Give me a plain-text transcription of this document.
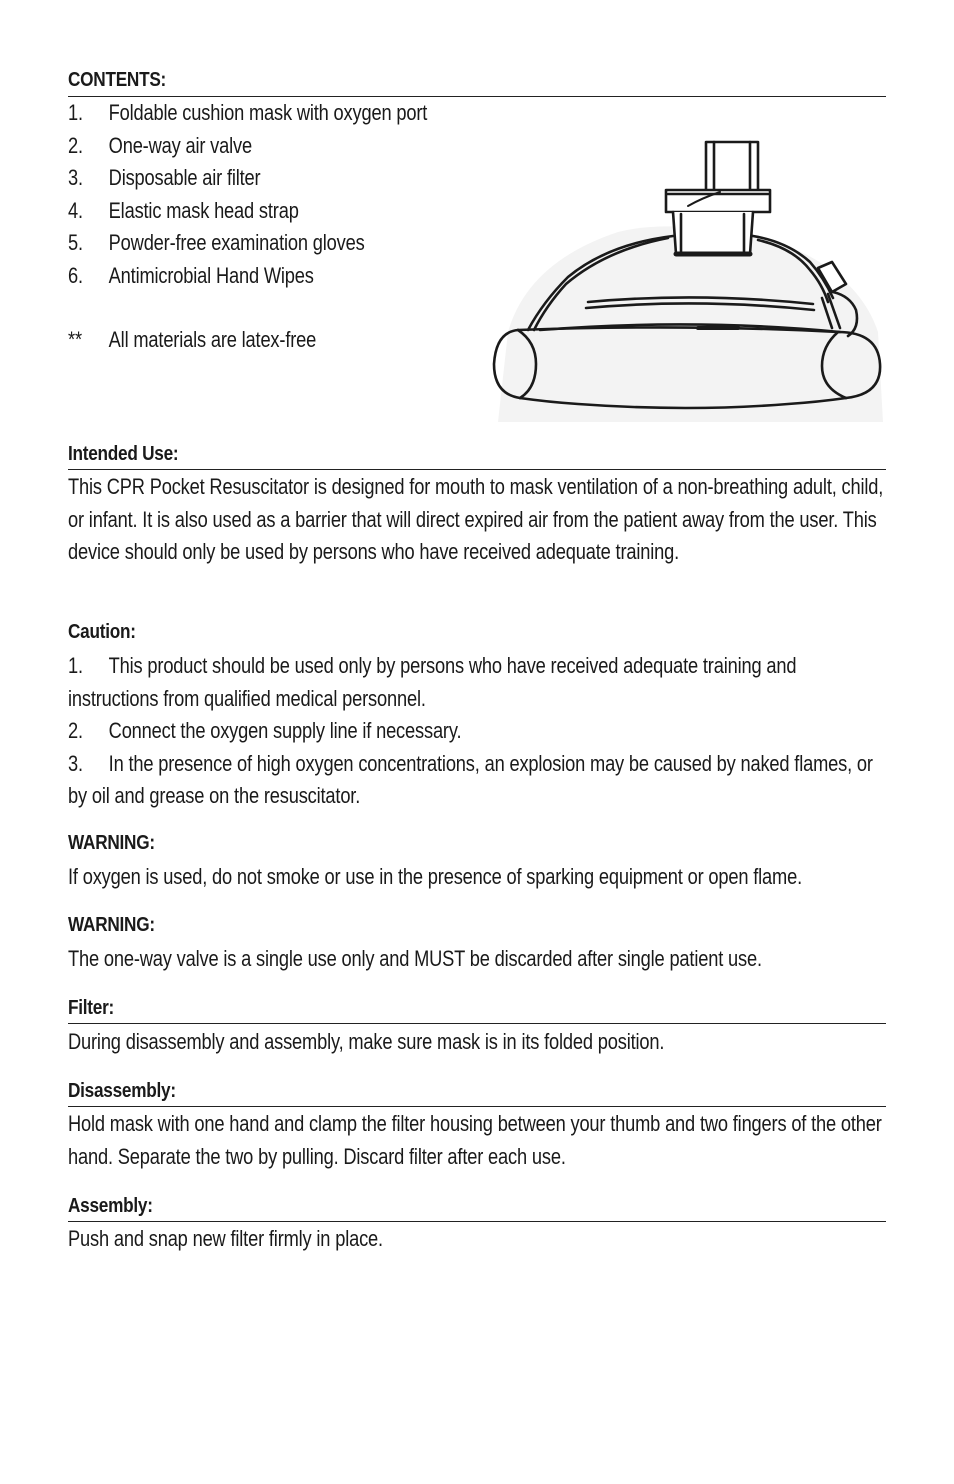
CONTENTS:
1. Foldable cushion mask with oxygen port
2. One-way air valve
3. Disposable air filter
4. Elastic mask head strap
5. Powder-free examination gloves
6. Antimicrobial Hand Wipes
** All materials are latex-free
Intended Use:

This CPR Pocket Resuscitator is designed for mouth to mask ventilation of a non-breathing adult, child, or infant. It is also used as a barrier that will direct expired air from the patient away from the user. This device should only be used by persons who have received adequate training.

Caution:

1. This product should be used only by persons who have received adequate training and instructions from qualified medical personnel.

2. Connect the oxygen supply line if necessary.

3. In the presence of high oxygen concentrations, an explosion may be caused by naked flames, or by oil and grease on the resuscitator.

WARNING:

If oxygen is used, do not smoke or use in the presence of sparking equipment or open flame.

WARNING:

The one-way valve is a single use only and MUST be discarded after single patient use.

Filter:

During disassembly and assembly, make sure mask is in its folded position.

Disassembly:

Hold mask with one hand and clamp the filter housing between your thumb and two fingers of the other hand. Separate the two by pulling. Discard filter after each use.

Assembly:

Push and snap new filter firmly in place.
